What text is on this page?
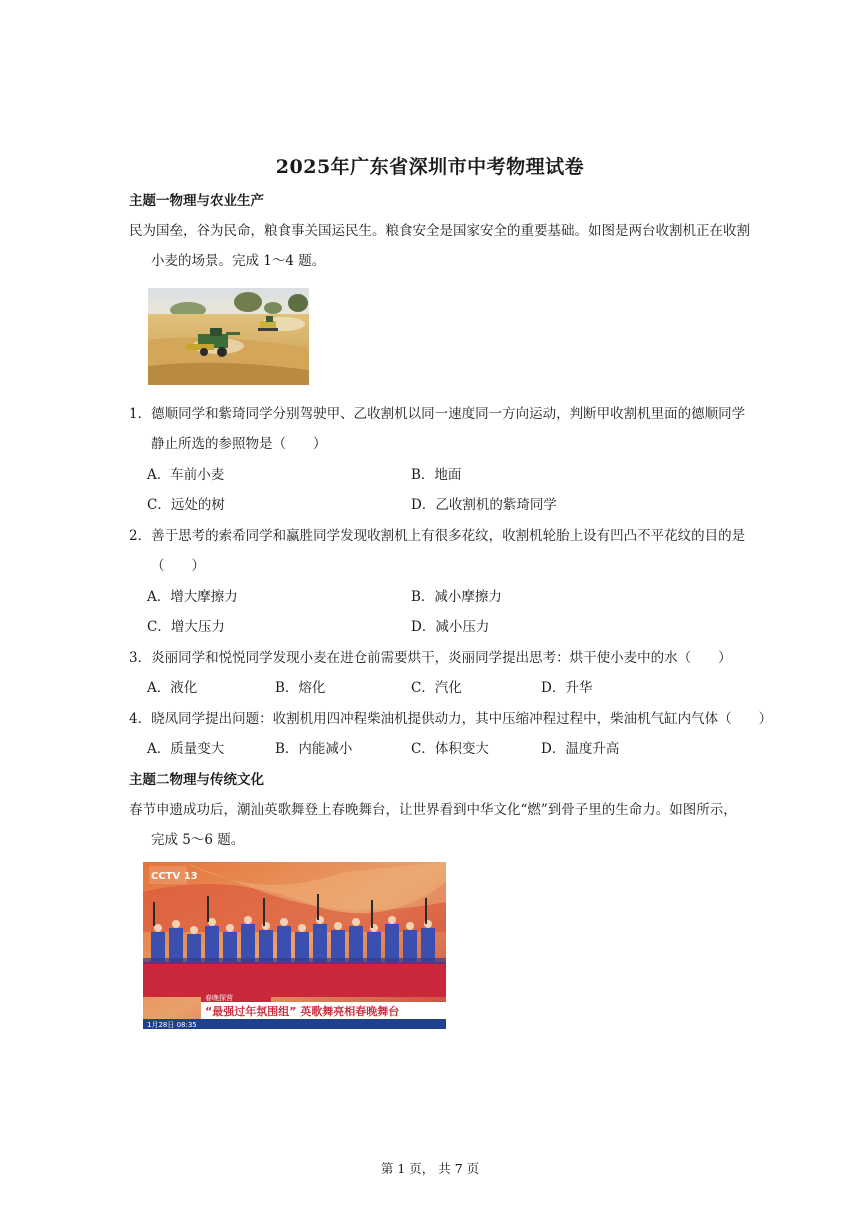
2025年广东省深圳市中考物理试卷
主题一物理与农业生产
民为国垒，谷为民命，粮食事关国运民生。粮食安全是国家安全的重要基础。如图是两台收割机正在收割
小麦的场景。完成 1～4 题。
1．德顺同学和紫琦同学分别驾驶甲、乙收割机以同一速度同一方向运动，判断甲收割机里面的德顺同学
静止所选的参照物是（　　）
A．车前小麦	B．地面
C．远处的树	D．乙收割机的紫琦同学
2．善于思考的索希同学和赢胜同学发现收割机上有很多花纹，收割机轮胎上设有凹凸不平花纹的目的是
（　　）
A．增大摩擦力	B．减小摩擦力
C．增大压力	D．减小压力
3．炎丽同学和悦悦同学发现小麦在进仓前需要烘干，炎丽同学提出思考：烘干使小麦中的水（　　）
A．液化	B．熔化	C．汽化	D．升华
4．晓凤同学提出问题：收割机用四冲程柴油机提供动力，其中压缩冲程过程中，柴油机气缸内气体（　　）
A．质量变大	B．内能减小	C．体积变大	D．温度升高
主题二物理与传统文化
春节申遗成功后，潮汕英歌舞登上春晚舞台，让世界看到中华文化“燃”到骨子里的生命力。如图所示，
完成 5～6 题。
CCTV 13
春晚探营
“最强过年氛围组” 英歌舞亮相春晚舞台
1月28日 08:35
第 1 页， 共 7 页
